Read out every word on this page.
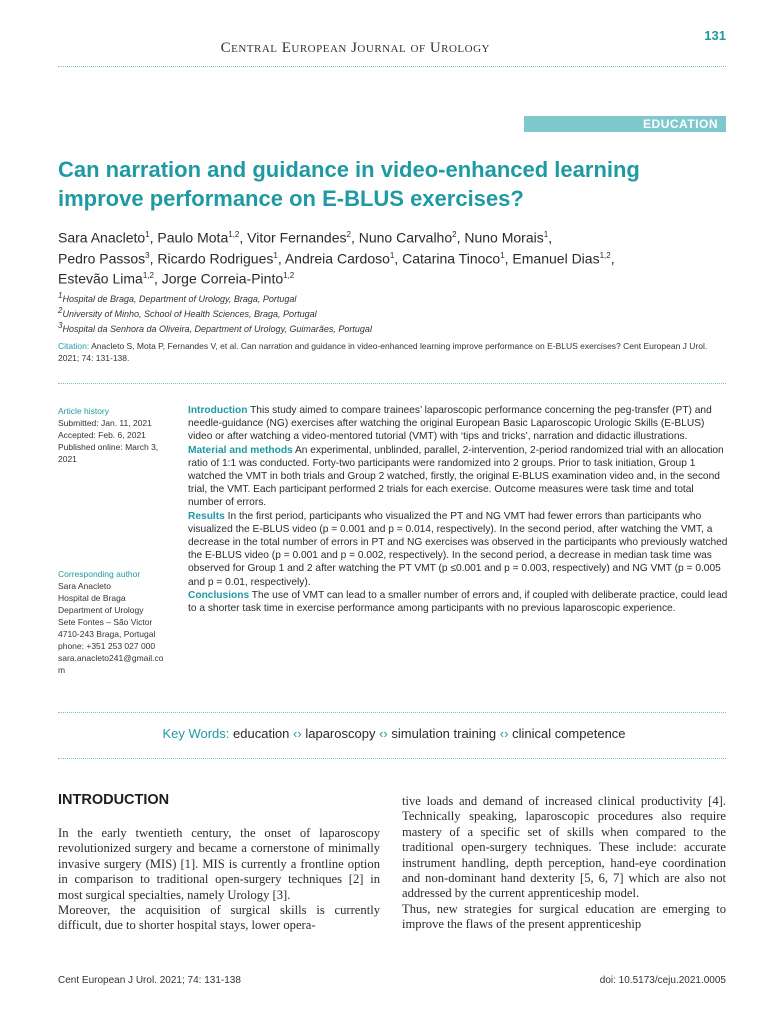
131
Central European Journal of Urology
EDUCATION
Can narration and guidance in video-enhanced learning improve performance on E-BLUS exercises?
Sara Anacleto$^1$, Paulo Mota$^{1,2}$, Vitor Fernandes$^2$, Nuno Carvalho$^2$, Nuno Morais$^1$,
Pedro Passos$^3$, Ricardo Rodrigues$^1$, Andreia Cardoso$^1$, Catarina Tinoco$^1$, Emanuel Dias$^{1,2}$,
Estevão Lima$^{1,2}$, Jorge Correia-Pinto$^{1,2}$
$^1$Hospital de Braga, Department of Urology, Braga, Portugal
$^2$University of Minho, School of Health Sciences, Braga, Portugal
$^3$Hospital da Senhora da Oliveira, Department of Urology, Guimarães, Portugal
Citation: Anacleto S, Mota P, Fernandes V, et al. Can narration and guidance in video-enhanced learning improve performance on E-BLUS exercises? Cent European J Urol. 2021; 74: 131-138.
Article history
Submitted: Jan. 11, 2021
Accepted: Feb. 6, 2021
Published online: March 3, 2021
Corresponding author
Sara Anacleto
Hospital de Braga
Department of Urology
Sete Fontes – São Victor
4710-243 Braga, Portugal
phone: +351 253 027 000
sara.anacleto241@gmail.com

Introduction This study aimed to compare trainees’ laparoscopic performance concerning the peg-transfer (PT) and needle-guidance (NG) exercises after watching the original European Basic Laparoscopic Urologic Skills (E-BLUS) video or after watching a video-mentored tutorial (VMT) with ‘tips and tricks’, narration and didactic illustrations.

Material and methods An experimental, unblinded, parallel, 2-intervention, 2-period randomized trial with an allocation ratio of 1:1 was conducted. Forty-two participants were randomized into 2 groups. Prior to task initiation, Group 1 watched the VMT in both trials and Group 2 watched, firstly, the original E-BLUS examination video and, in the second trial, the VMT. Each participant performed 2 trials for each exercise. Outcome measures were task time and total number of errors.

Results In the first period, participants who visualized the PT and NG VMT had fewer errors than participants who visualized the E-BLUS video (p = 0.001 and p = 0.014, respectively). In the second period, after watching the VMT, a decrease in the total number of errors in PT and NG exercises was observed in the participants who previously watched the E-BLUS video (p = 0.001 and p = 0.002, respectively). In the second period, a decrease in median task time was observed for Group 1 and 2 after watching the PT VMT (p ≤0.001 and p = 0.003, respectively) and NG VMT (p = 0.005 and p = 0.01, respectively).

Conclusions The use of VMT can lead to a smaller number of errors and, if coupled with deliberate practice, could lead to a shorter task time in exercise performance among participants with no previous laparoscopic experience.

Key Words: education ‹› laparoscopy ‹› simulation training ‹› clinical competence
INTRODUCTION

In the early twentieth century, the onset of laparoscopy revolutionized surgery and became a cornerstone of minimally invasive surgery (MIS) [1]. MIS is currently a frontline option in comparison to traditional open-surgery techniques [2] in most surgical specialties, namely Urology [3].

Moreover, the acquisition of surgical skills is currently difficult, due to shorter hospital stays, lower opera-

tive loads and demand of increased clinical productivity [4]. Technically speaking, laparoscopic procedures also require mastery of a specific set of skills when compared to the traditional open-surgery techniques. These include: accurate instrument handling, depth perception, hand-eye coordination and non-dominant hand dexterity [5, 6, 7] which are also not addressed by the current apprenticeship model.

Thus, new strategies for surgical education are emerging to improve the flaws of the present apprenticeship

Cent European J Urol. 2021; 74: 131-138	doi: 10.5173/ceju.2021.0005
